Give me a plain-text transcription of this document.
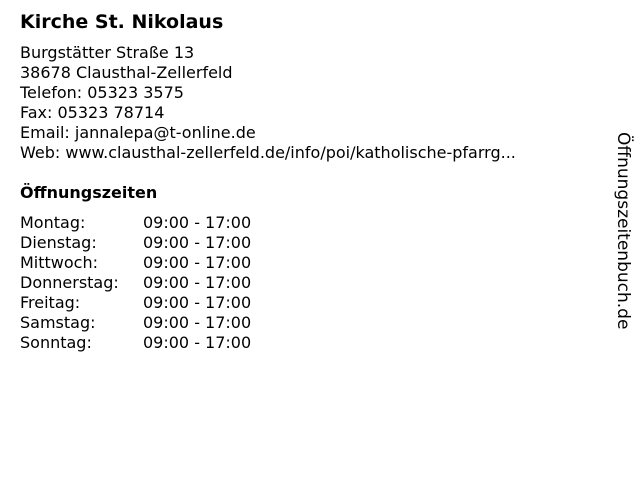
Kirche St. Nikolaus
Burgstätter Straße 13
38678 Clausthal-Zellerfeld
Telefon: 05323 3575
Fax: 05323 78714
Email: jannalepa@t-online.de
Web: www.clausthal-zellerfeld.de/info/poi/katholische-pfarrg...
Öffnungszeiten
Montag:	09:00 - 17:00
Dienstag:	09:00 - 17:00
Mittwoch:	09:00 - 17:00
Donnerstag: 09:00 - 17:00
Freitag:	09:00 - 17:00
Samstag:	09:00 - 17:00
Sonntag:	09:00 - 17:00
Öffnungszeitenbuch.de
